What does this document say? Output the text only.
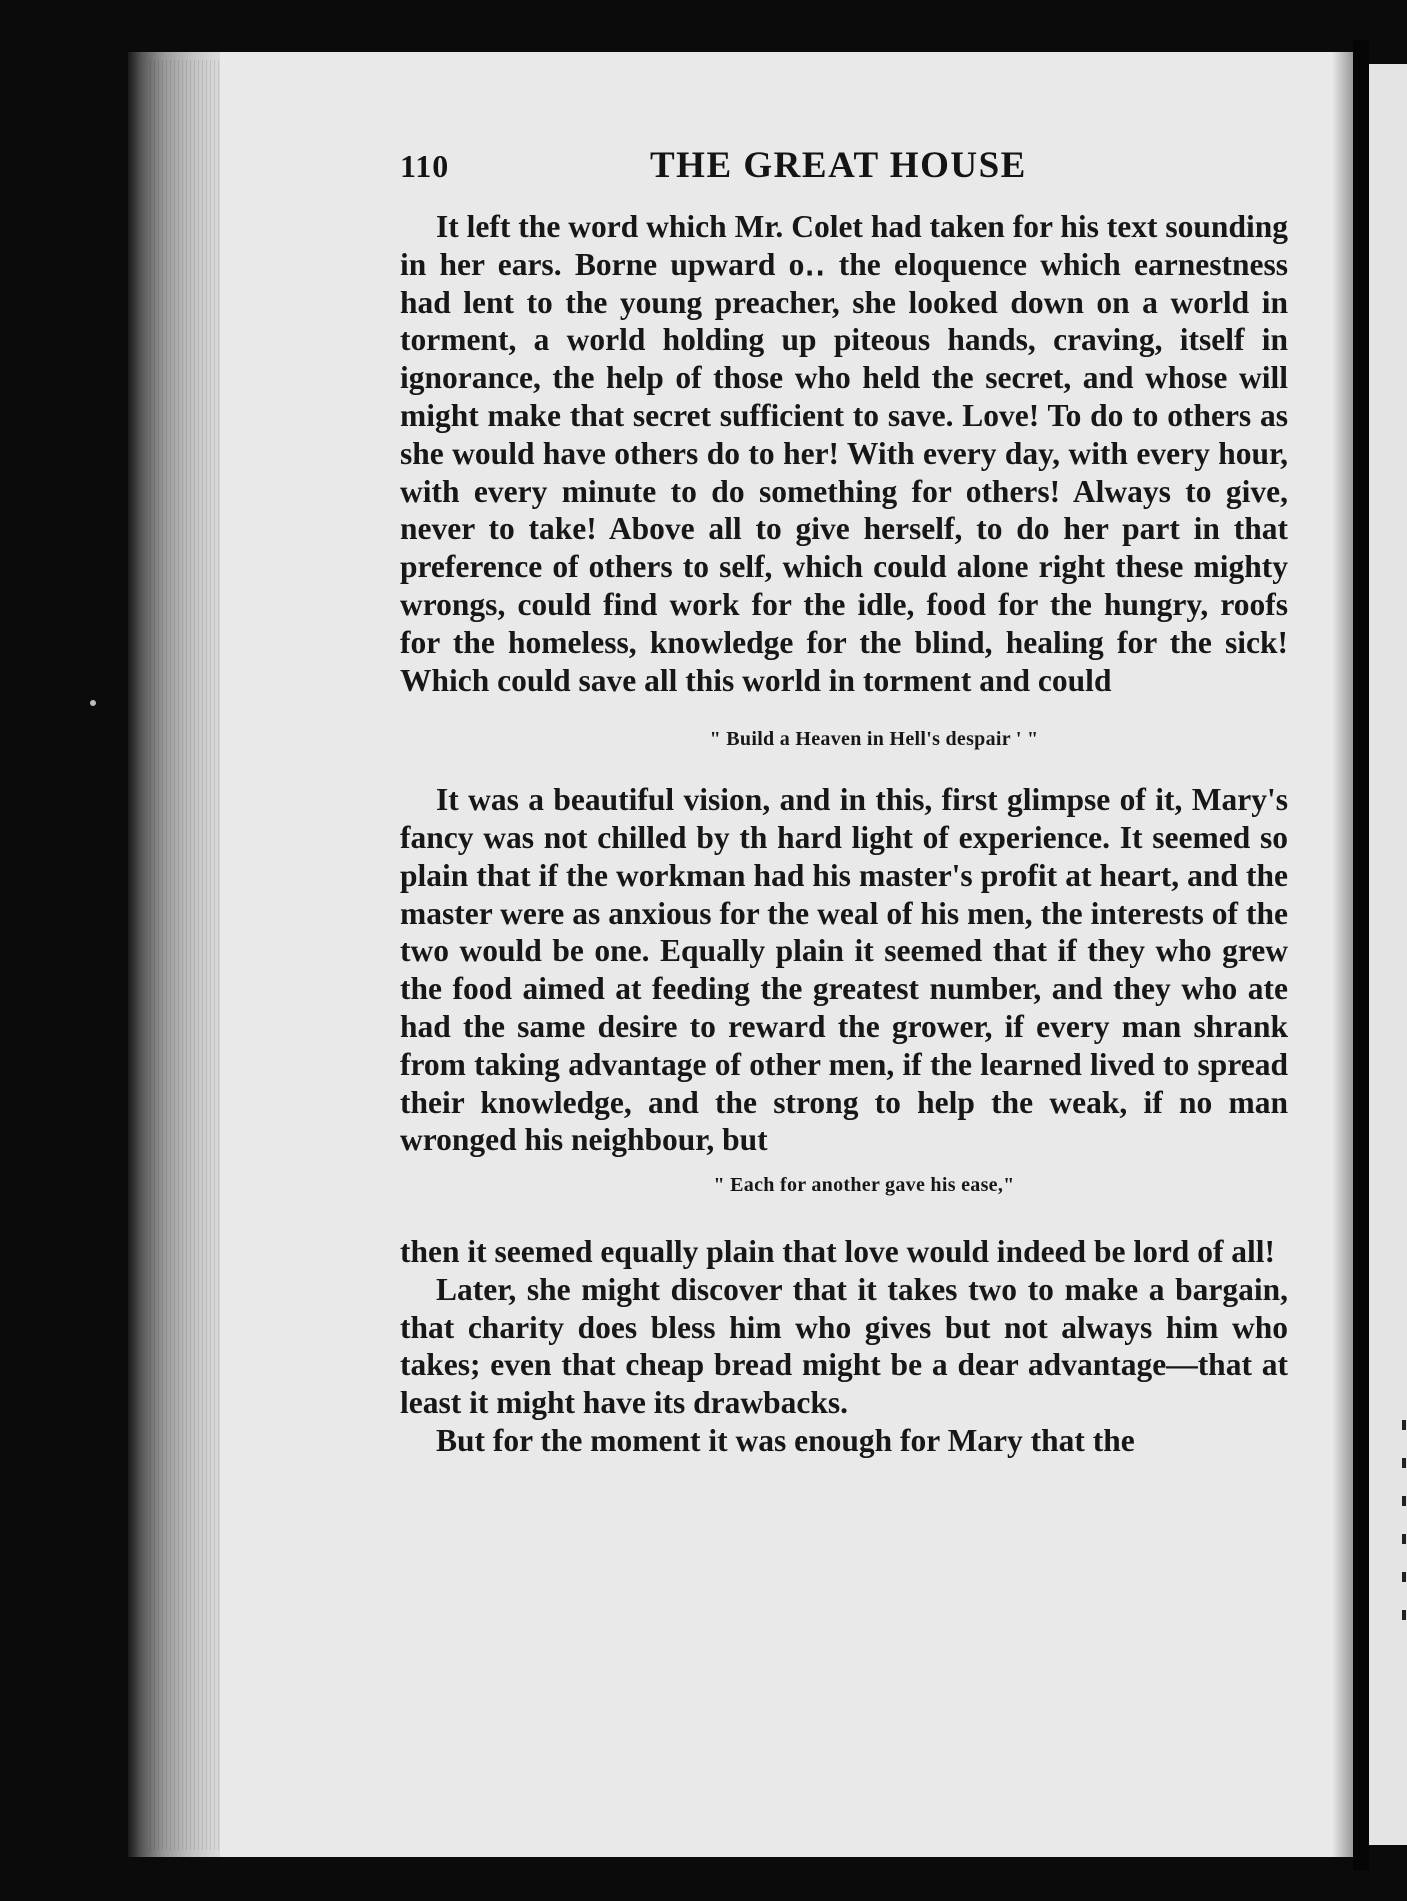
110	THE GREAT HOUSE

It left the word which Mr. Colet had taken for his text sounding in her ears. Borne upward o‥ the eloquence which earnestness had lent to the young preacher, she looked down on a world in torment, a world holding up piteous hands, craving, itself in ignorance, the help of those who held the secret, and whose will might make that secret sufficient to save. Love! To do to others as she would have others do to her! With every day, with every hour, with every minute to do something for others! Always to give, never to take! Above all to give herself, to do her part in that preference of others to self, which could alone right these mighty wrongs, could find work for the idle, food for the hungry, roofs for the homeless, knowledge for the blind, healing for the sick! Which could save all this world in torment and could

" Build a Heaven in Hell's despair ' "

It was a beautiful vision, and in this, first glimpse of it, Mary's fancy was not chilled by th hard light of experience. It seemed so plain that if the workman had his master's profit at heart, and the master were as anxious for the weal of his men, the interests of the two would be one. Equally plain it seemed that if they who grew the food aimed at feeding the greatest number, and they who ate had the same desire to reward the grower, if every man shrank from taking advantage of other men, if the learned lived to spread their knowledge, and the strong to help the weak, if no man wronged his neighbour, but

" Each for another gave his ease,"

then it seemed equally plain that love would indeed be lord of all!

Later, she might discover that it takes two to make a bargain, that charity does bless him who gives but not always him who takes; even that cheap bread might be a dear advantage—that at least it might have its drawbacks.

But for the moment it was enough for Mary that the
